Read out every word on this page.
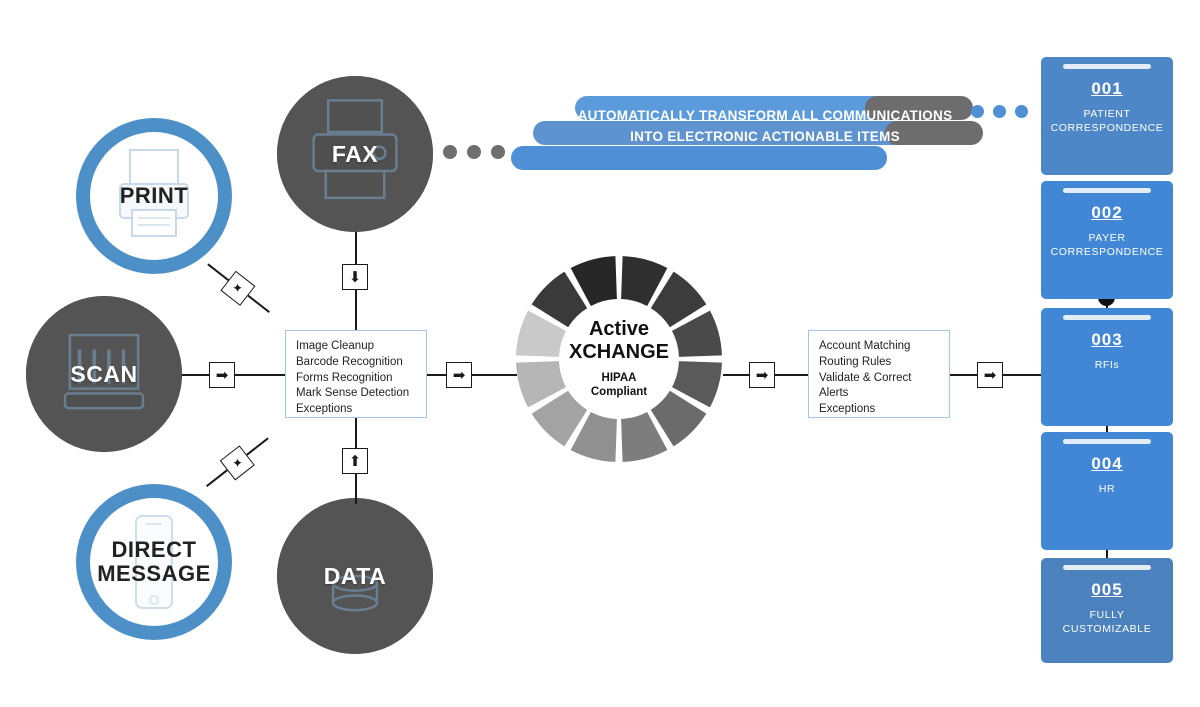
PRINT
FAX
SCAN
DIRECT MESSAGE	DATA
⬇
⬆
➡
✦
✦
Image Cleanup
Barcode Recognition
Forms Recognition
Mark Sense Detection
Exceptions
➡
Active
XCHANGE
HIPAA
Compliant
➡
Account Matching
Routing Rules
Validate & Correct
Alerts
Exceptions
➡
AUTOMATICALLY TRANSFORM ALL COMMUNICATIONS INTO ELECTRONIC ACTIONABLE ITEMS
001
PATIENT CORRESPONDENCE
002
PAYER CORRESPONDENCE
003
RFIs
004
HR
005
FULLY CUSTOMIZABLE
